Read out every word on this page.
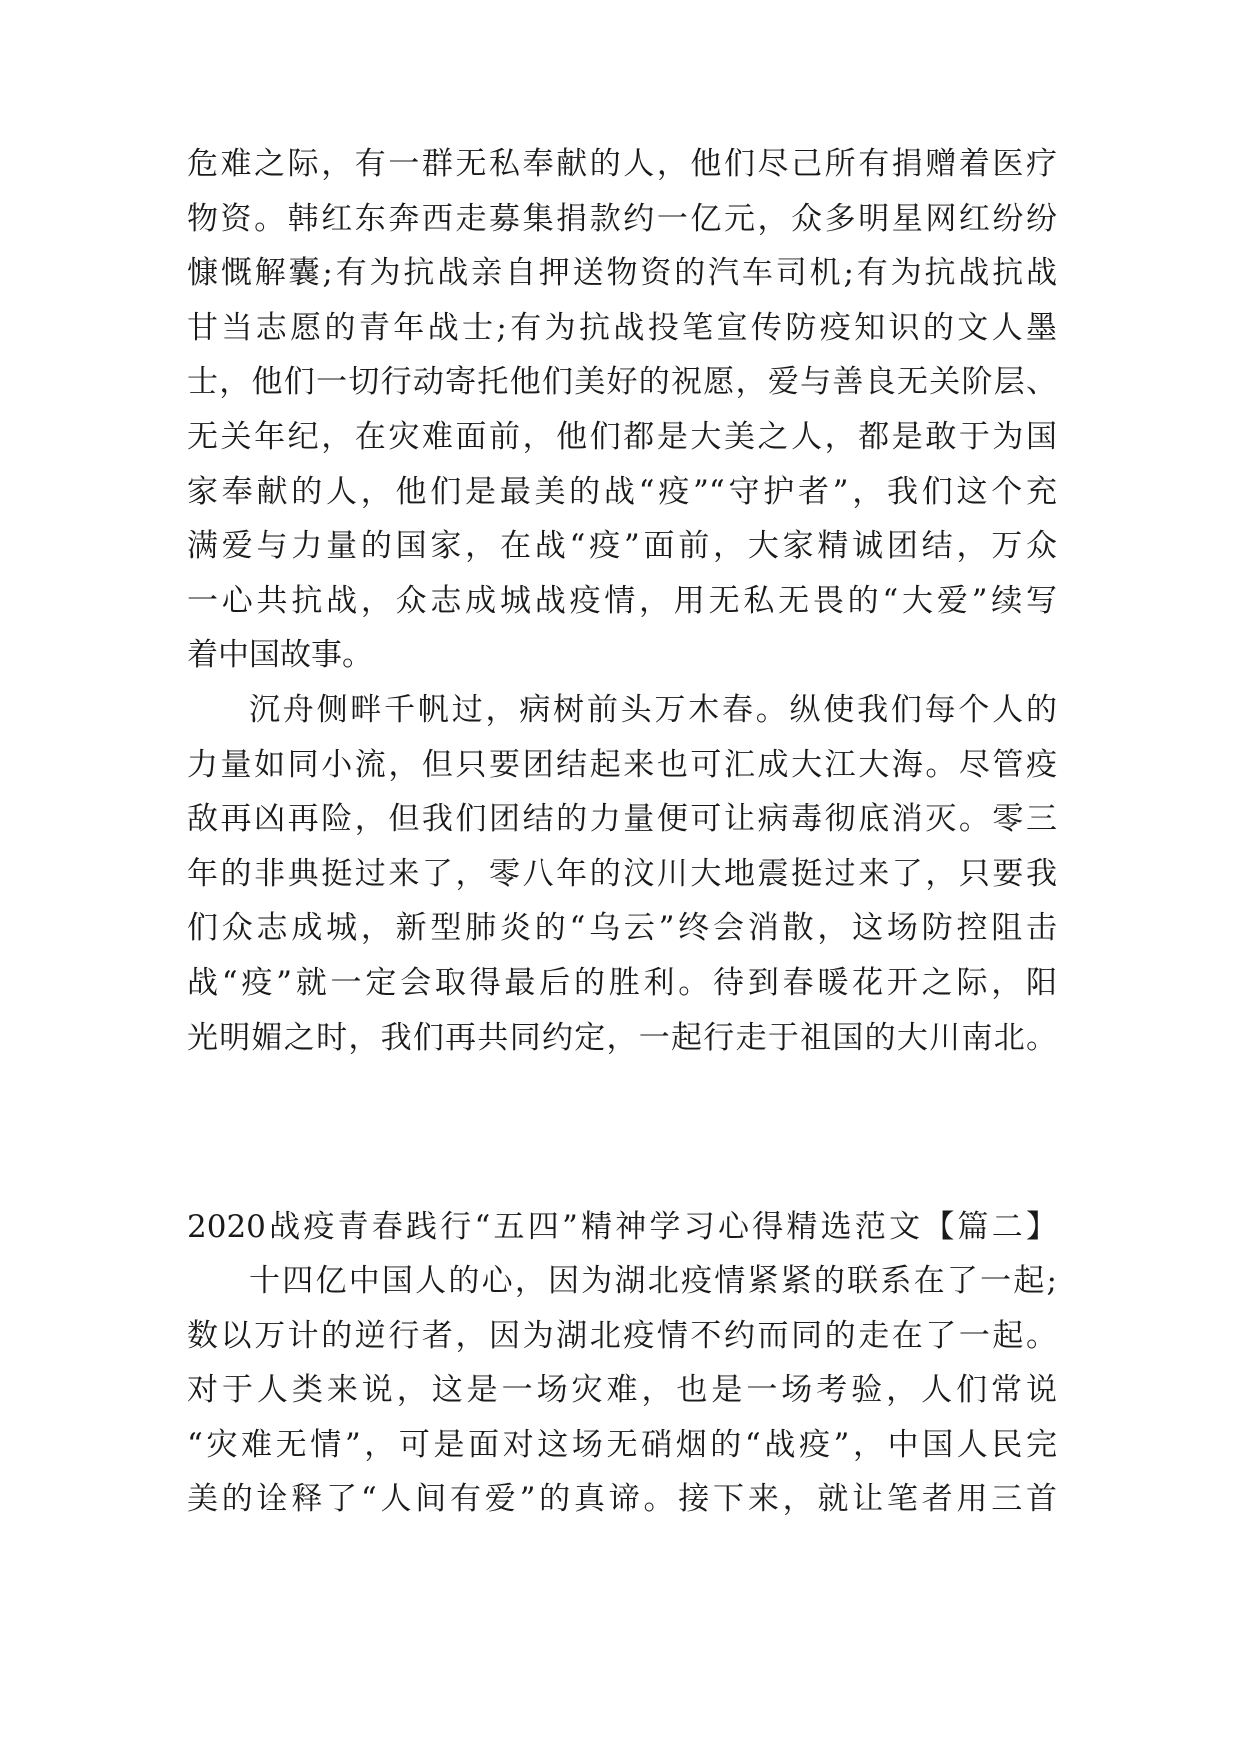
危难之际，有一群无私奉献的人，他们尽己所有捐赠着医疗
物资。韩红东奔西走募集捐款约一亿元，众多明星网红纷纷
慷慨解囊;有为抗战亲自押送物资的汽车司机;有为抗战抗战
甘当志愿的青年战士;有为抗战投笔宣传防疫知识的文人墨
士，他们一切行动寄托他们美好的祝愿，爱与善良无关阶层、
无关年纪，在灾难面前，他们都是大美之人，都是敢于为国
家奉献的人，他们是最美的战“疫”“守护者”，我们这个充
满爱与力量的国家，在战“疫”面前，大家精诚团结，万众
一心共抗战，众志成城战疫情，用无私无畏的“大爱”续写
着中国故事。
沉舟侧畔千帆过，病树前头万木春。纵使我们每个人的
力量如同小流，但只要团结起来也可汇成大江大海。尽管疫
敌再凶再险，但我们团结的力量便可让病毒彻底消灭。零三
年的非典挺过来了，零八年的汶川大地震挺过来了，只要我
们众志成城，新型肺炎的“乌云”终会消散，这场防控阻击
战“疫”就一定会取得最后的胜利。待到春暖花开之际，阳
光明媚之时，我们再共同约定，一起行走于祖国的大川南北。
2020战疫青春践行“五四”精神学习心得精选范文【篇二】
十四亿中国人的心，因为湖北疫情紧紧的联系在了一起;
数以万计的逆行者，因为湖北疫情不约而同的走在了一起。
对于人类来说，这是一场灾难，也是一场考验，人们常说
“灾难无情”，可是面对这场无硝烟的“战疫”，中国人民完
美的诠释了“人间有爱”的真谛。接下来，就让笔者用三首
